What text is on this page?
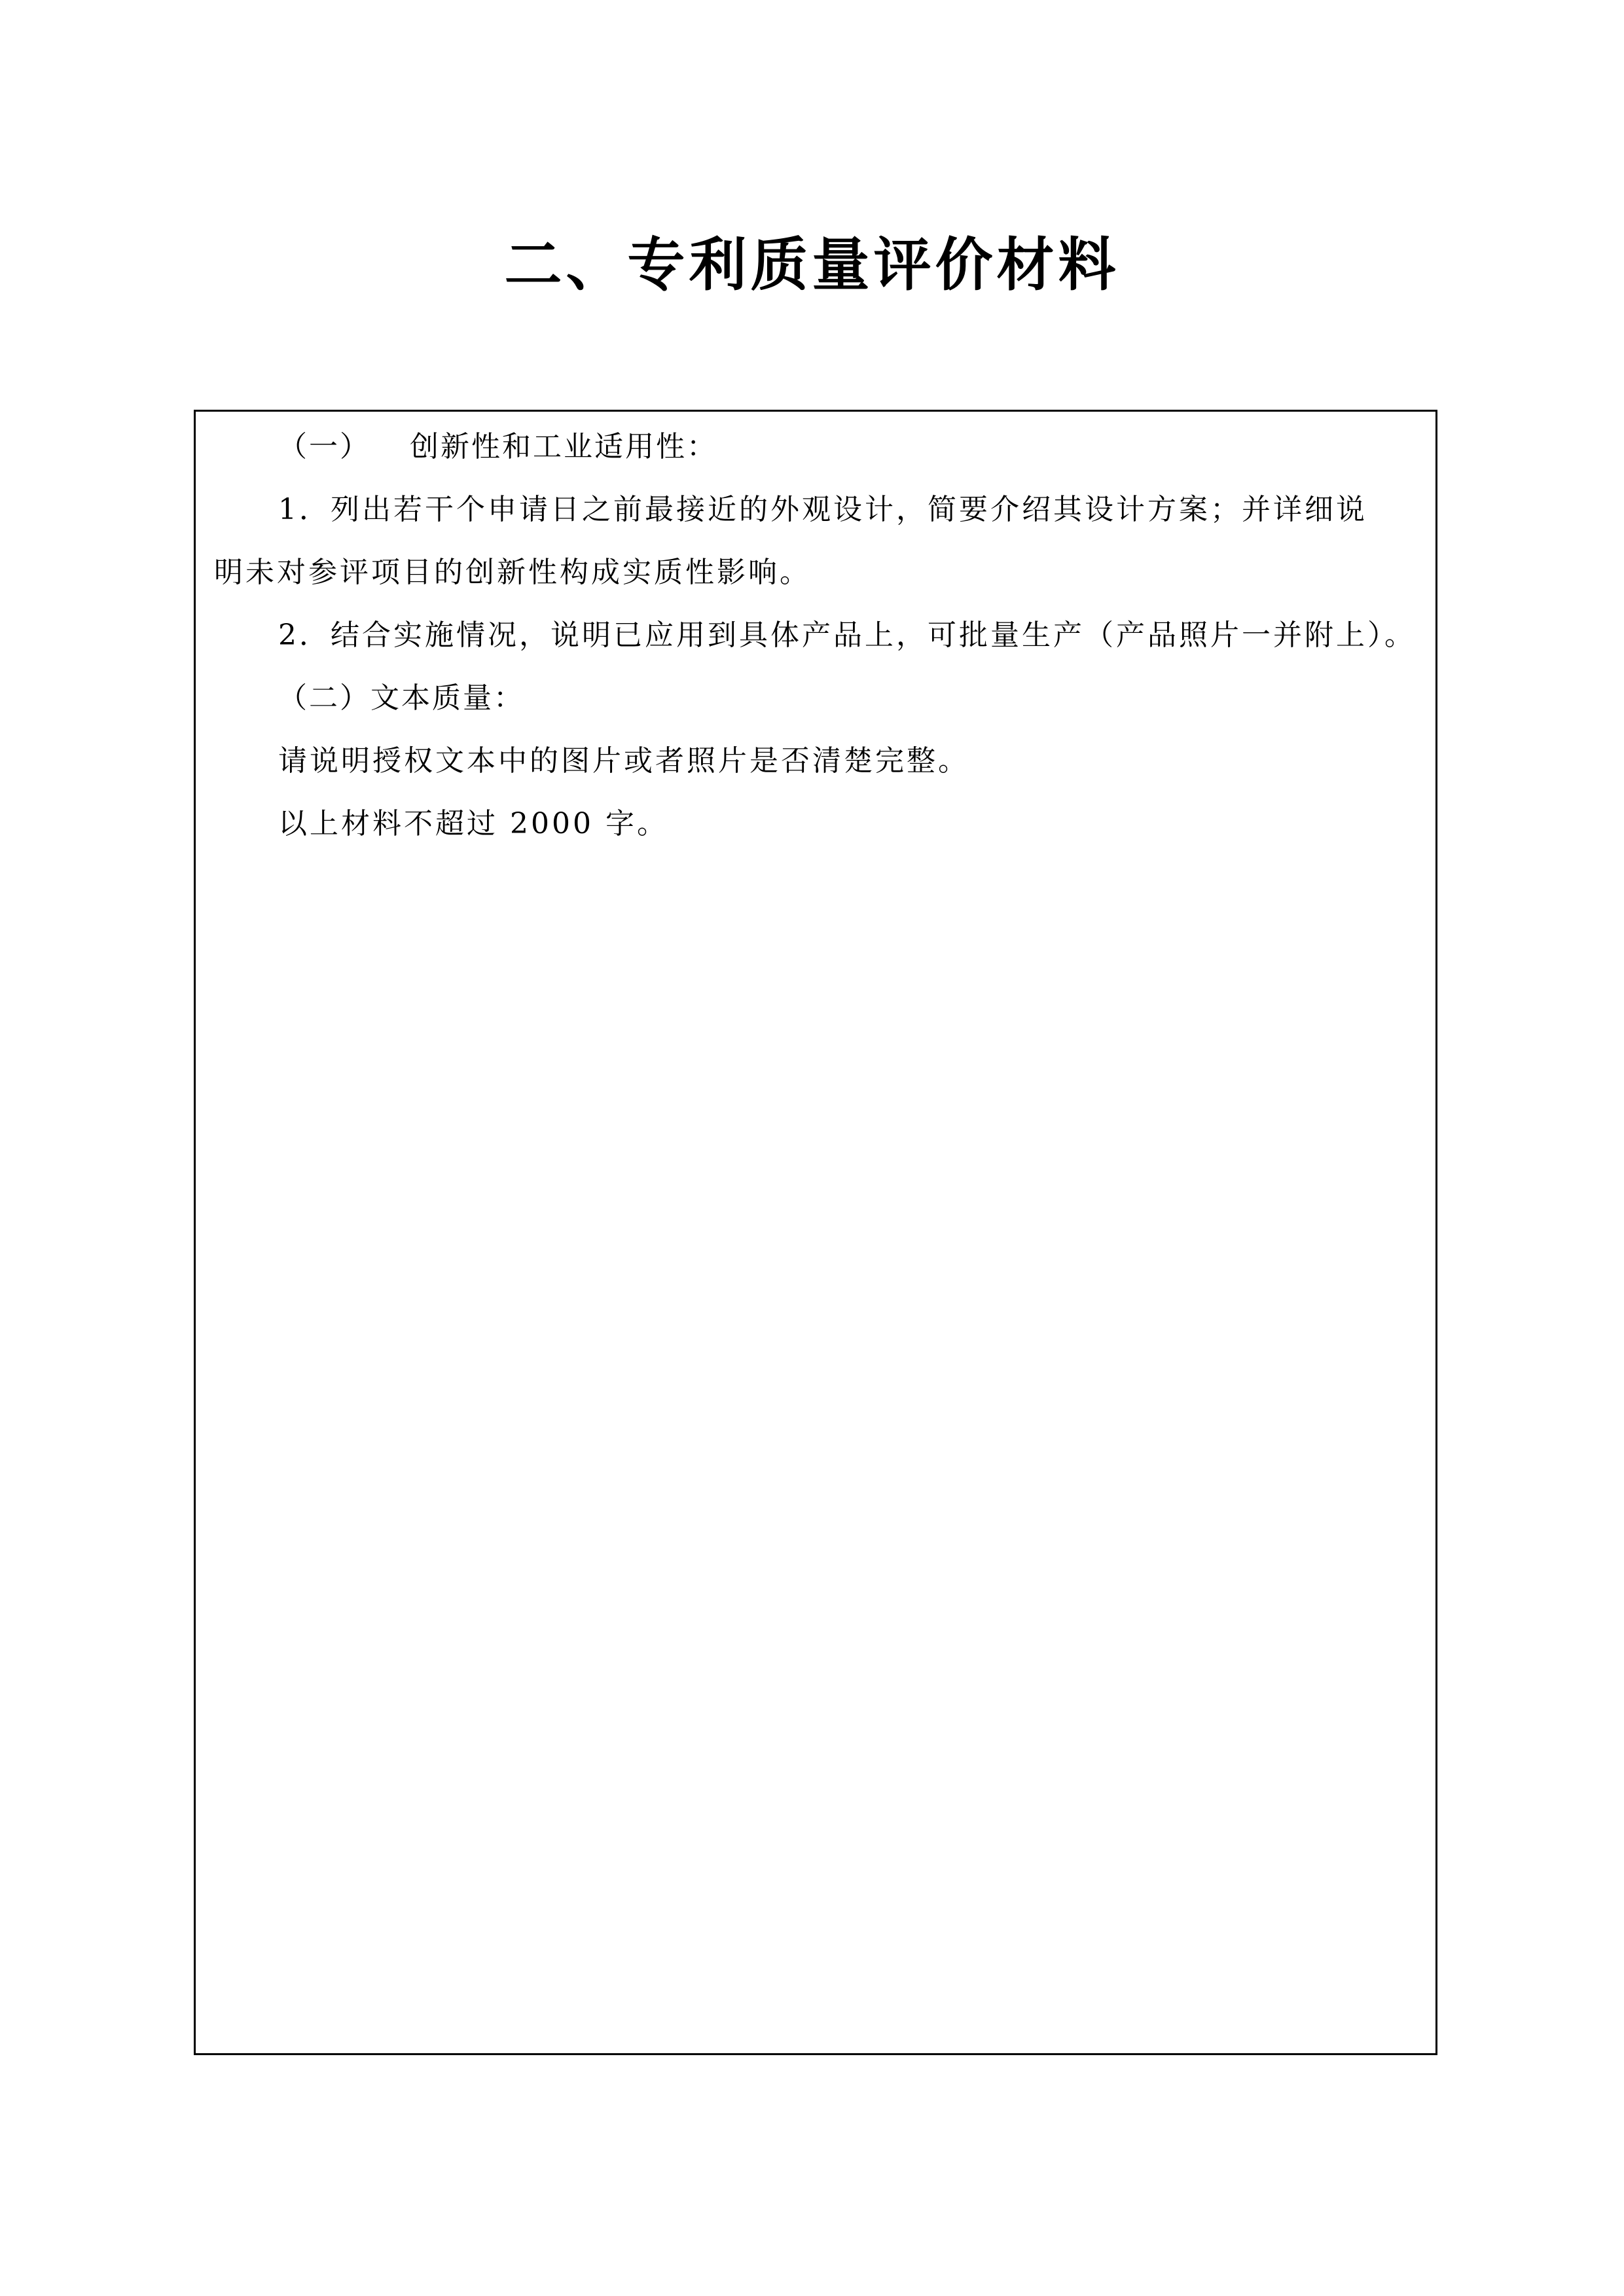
二、专利质量评价材料
（一） 创新性和工业适用性：
1．列出若干个申请日之前最接近的外观设计，简要介绍其设计方案；并详细说
明未对参评项目的创新性构成实质性影响。
2．结合实施情况，说明已应用到具体产品上，可批量生产（产品照片一并附上）。
（二）文本质量：
请说明授权文本中的图片或者照片是否清楚完整。
以上材料不超过 2000 字。
